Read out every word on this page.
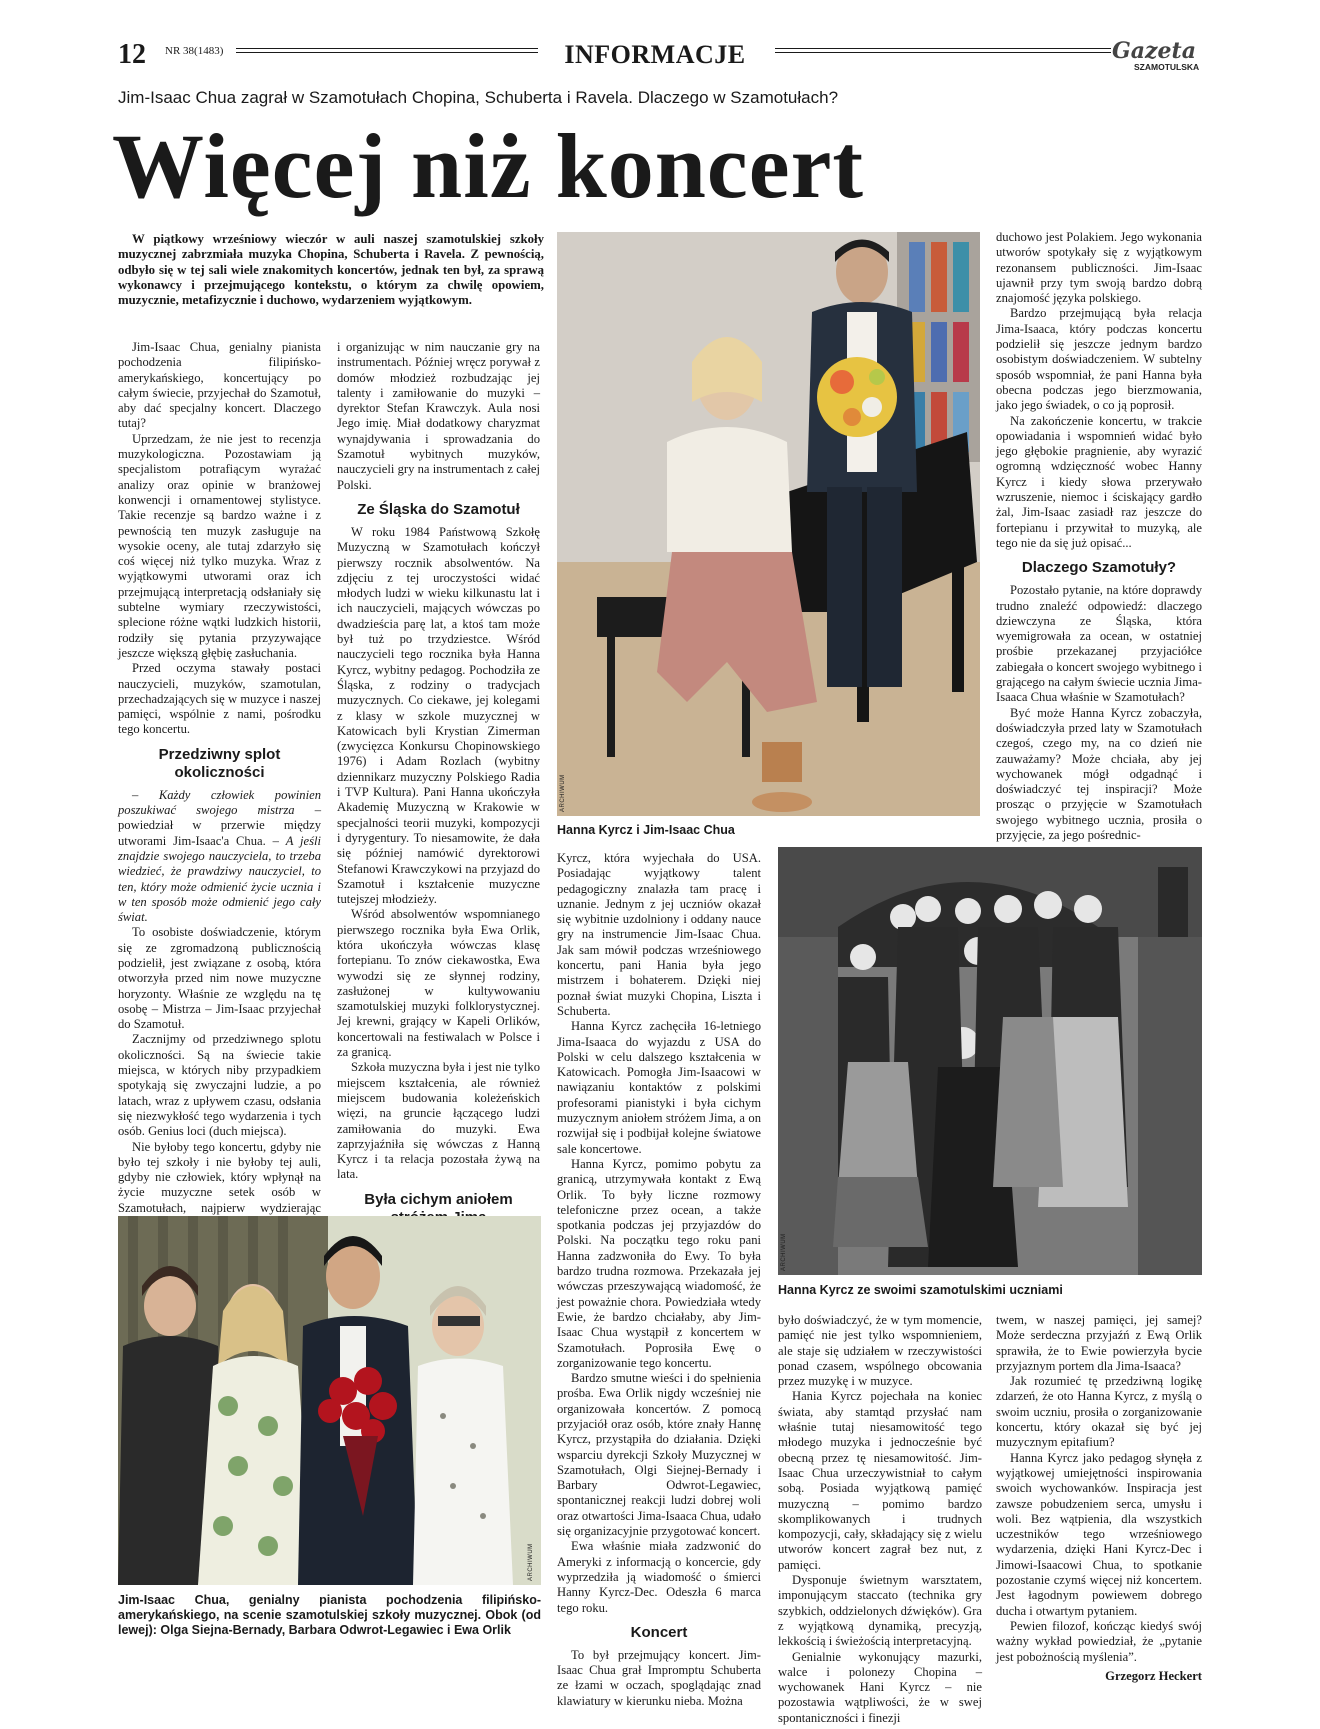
12 NR 38(1483)	INFORMACJE	Gazeta
SZAMOTULSKA
Jim-Isaac Chua zagrał w Szamotułach Chopina, Schuberta i Ravela. Dlaczego w Szamotułach?
Więcej niż koncert
W piątkowy wrześniowy wieczór w auli naszej szamotulskiej szkoły muzycznej zabrzmiała muzyka Chopina, Schuberta i Ravela. Z pewnością, odbyło się w tej sali wiele znakomitych koncertów, jednak ten był, za sprawą wykonawcy i przejmującego kontekstu, o którym za chwilę opowiem, muzycznie, metafizycznie i duchowo, wydarzeniem wyjątkowym.

Jim-Isaac Chua, genialny pianista pochodzenia filipińsko-amerykańskiego, koncertujący po całym świecie, przyjechał do Szamotuł, aby dać specjalny koncert. Dlaczego tutaj?

Uprzedzam, że nie jest to recenzja muzykologiczna. Pozostawiam ją specjalistom potrafiącym wyrażać analizy oraz opinie w branżowej konwencji i ornamentowej stylistyce. Takie recenzje są bardzo ważne i z pewnością ten muzyk zasługuje na wysokie oceny, ale tutaj zdarzyło się coś więcej niż tylko muzyka. Wraz z wyjątkowymi utworami oraz ich przejmującą interpretacją odsłaniały się subtelne wymiary rzeczywistości, splecione różne wątki ludzkich historii, rodziły się pytania przyzywające jeszcze większą głębię zasłuchania.

Przed oczyma stawały postaci nauczycieli, muzyków, szamotulan, przechadzających się w muzyce i naszej pamięci, wspólnie z nami, pośrodku tego koncertu.

Przedziwny splot okoliczności

– Każdy człowiek powinien poszukiwać swojego mistrza – powiedział w przerwie między utworami Jim-Isaac'a Chua. – A jeśli znajdzie swojego nauczyciela, to trzeba wiedzieć, że prawdziwy nauczyciel, to ten, który może odmienić życie ucznia i w ten sposób może odmienić jego cały świat.

To osobiste doświadczenie, którym się ze zgromadzoną publicznością podzielił, jest związane z osobą, która otworzyła przed nim nowe muzyczne horyzonty. Właśnie ze względu na tę osobę – Mistrza – Jim-Isaac przyjechał do Szamotuł.

Zacznijmy od przedziwnego splotu okoliczności. Są na świecie takie miejsca, w których niby przypadkiem spotykają się zwyczajni ludzie, a po latach, wraz z upływem czasu, odsłania się niezwykłość tego wydarzenia i tych osób. Genius loci (duch miejsca).

Nie byłoby tego koncertu, gdyby nie było tej szkoły i nie byłoby tej auli, gdyby nie człowiek, który wpłynął na życie muzyczne setek osób w Szamotułach, najpierw wydzierając

i organizując w nim nauczanie gry na instrumentach. Później wręcz porywał z domów młodzież rozbudzając jej talenty i zamiłowanie do muzyki – dyrektor Stefan Krawczyk. Aula nosi Jego imię. Miał dodatkowy charyzmat wynajdywania i sprowadzania do Szamotuł wybitnych muzyków, nauczycieli gry na instrumentach z całej Polski.

Ze Śląska do Szamotuł

W roku 1984 Państwową Szkołę Muzyczną w Szamotułach kończył pierwszy rocznik absolwentów. Na zdjęciu z tej uroczystości widać młodych ludzi w wieku kilkunastu lat i ich nauczycieli, mających wówczas po dwadzieścia parę lat, a ktoś tam może był tuż po trzydziestce. Wśród nauczycieli tego rocznika była Hanna Kyrcz, wybitny pedagog. Pochodziła ze Śląska, z rodziny o tradycjach muzycznych. Co ciekawe, jej kolegami z klasy w szkole muzycznej w Katowicach byli Krystian Zimerman (zwycięzca Konkursu Chopinowskiego 1976) i Adam Rozlach (wybitny dziennikarz muzyczny Polskiego Radia i TVP Kultura). Pani Hanna ukończyła Akademię Muzyczną w Krakowie w specjalności teorii muzyki, kompozycji i dyrygentury. To niesamowite, że dała się później namówić dyrektorowi Stefanowi Krawczykowi na przyjazd do Szamotuł i kształcenie muzyczne tutejszej młodzieży.

Wśród absolwentów wspomnianego pierwszego rocznika była Ewa Orlik, która ukończyła wówczas klasę fortepianu. To znów ciekawostka, Ewa wywodzi się ze słynnej rodziny, zasłużonej w kultywowaniu szamotulskiej muzyki folklorystycznej. Jej krewni, grający w Kapeli Orlików, koncertowali na festiwalach w Polsce i za granicą.

Szkoła muzyczna była i jest nie tylko miejscem kształcenia, ale również miejscem budowania koleżeńskich więzi, na gruncie łączącego ludzi zamiłowania do muzyki. Ewa zaprzyjaźniła się wówczas z Hanną Kyrcz i ta relacja pozostała żywą na lata.

Była cichym aniołem

ARCHIWUM
Hanna Kyrcz i Jim-Isaac Chua

duchowo jest Polakiem. Jego wykonania utworów spotykały się z wyjątkowym rezonansem publiczności. Jim-Isaac ujawnił przy tym swoją bardzo dobrą znajomość języka polskiego.

Bardzo przejmującą była relacja Jima-Isaaca, który podczas koncertu podzielił się jeszcze jednym bardzo osobistym doświadczeniem. W subtelny sposób wspomniał, że pani Hanna była obecna podczas jego bierzmowania, jako jego świadek, o co ją poprosił.

Na zakończenie koncertu, w trakcie opowiadania i wspomnień widać było jego głębokie pragnienie, aby wyrazić ogromną wdzięczność wobec Hanny Kyrcz i kiedy słowa przerywało wzruszenie, niemoc i ściskający gardło żal, Jim-Isaac zasiadł raz jeszcze do fortepianu i przywitał to muzyką, ale tego nie da się już opisać...

Dlaczego Szamotuły?

Pozostało pytanie, na które doprawdy trudno znaleźć odpowiedź: dlaczego dziewczyna ze Śląska, która wyemigrowała za ocean, w ostatniej prośbie przekazanej przyjaciółce zabiegała o koncert swojego wybitnego i grającego na całym świecie ucznia Jima-Isaaca Chua właśnie w Szamotułach?

Być może Hanna Kyrcz zobaczyła, doświadczyła przed laty w Szamotułach czegoś, czego my, na co dzień nie zauważamy? Może chciała, aby jej wychowanek mógł odgadnąć i doświadczyć tej inspiracji? Może prosząc o przyjęcie w Szamotułach swojego wybitnego ucznia, prosiła o przyjęcie, za jego pośrednic-

Kyrcz, która wyjechała do USA. Posiadając wyjątkowy talent pedagogiczny znalazła tam pracę i uznanie. Jednym z jej uczniów okazał się wybitnie uzdolniony i oddany nauce gry na instrumencie Jim-Isaac Chua. Jak sam mówił podczas wrześniowego koncertu, pani Hania była jego mistrzem i bohaterem. Dzięki niej poznał świat muzyki Chopina, Liszta i Schuberta.

Hanna Kyrcz zachęciła 16-letniego Jima-Isaaca do wyjazdu z USA do Polski w celu dalszego kształcenia w Katowicach. Pomogła Jim-Isaacowi w nawiązaniu kontaktów z polskimi profesorami pianistyki i była cichym muzycznym aniołem stróżem Jima, a on rozwijał się i podbijał kolejne światowe sale koncertowe.

Hanna Kyrcz, pomimo pobytu za granicą, utrzymywała kontakt z Ewą Orlik. To były liczne rozmowy telefoniczne przez ocean, a także spotkania podczas jej przyjazdów do Polski. Na początku tego roku pani Hanna zadzwoniła do Ewy. To była bardzo trudna rozmowa. Przekazała jej wówczas przeszywającą wiadomość, że jest poważnie chora. Powiedziała wtedy Ewie, że bardzo chciałaby, aby Jim-Isaac Chua wystąpił z koncertem w Szamotułach. Poprosiła Ewę o zorganizowanie tego koncertu.

Bardzo smutne wieści i do spełnienia prośba. Ewa Orlik nigdy wcześniej nie organizowała koncertów. Z pomocą przyjaciół oraz osób, które znały Hannę Kyrcz, przystąpiła do działania. Dzięki wsparciu dyrekcji Szkoły Muzycznej w Szamotułach, Olgi Siejnej-Bernady i Barbary Odwrot-Legawiec, spontanicznej reakcji ludzi dobrej woli oraz otwartości Jima-Isaaca Chua, udało się organizacyjnie przygotować koncert.

Ewa właśnie miała zadzwonić do Ameryki z informacją o koncercie, gdy wyprzedziła ją wiadomość o śmierci Hanny Kyrcz-Dec. Odeszła 6 marca tego roku.

Koncert

To był przejmujący koncert. Jim-Isaac Chua grał Impromptu Schuberta ze łzami w oczach, spoglądając znad klawiatury w kierunku nieba. Można

ARCHIWUM
Hanna Kyrcz ze swoimi szamotulskimi uczniami

było doświadczyć, że w tym momencie, pamięć nie jest tylko wspomnieniem, ale staje się udziałem w rzeczywistości ponad czasem, wspólnego obcowania przez muzykę i w muzyce.

Hania Kyrcz pojechała na koniec świata, aby stamtąd przysłać nam właśnie tutaj niesamowitość tego młodego muzyka i jednocześnie być obecną przez tę niesamowitość. Jim-Isaac Chua urzeczywistniał to całym sobą. Posiada wyjątkową pamięć muzyczną – pomimo bardzo skomplikowanych i trudnych kompozycji, cały, składający się z wielu utworów koncert zagrał bez nut, z pamięci.

Dysponuje świetnym warsztatem, imponującym staccato (technika gry szybkich, oddzielonych dźwięków). Gra z wyjątkową dynamiką, precyzją, lekkością i świeżością interpretacyjną.

Genialnie wykonujący mazurki, walce i polonezy Chopina – wychowanek Hani Kyrcz – nie pozostawia wątpliwości, że w swej spontaniczności i finezji

twem, w naszej pamięci, jej samej? Może serdeczna przyjaźń z Ewą Orlik sprawiła, że to Ewie powierzyła bycie przyjaznym portem dla Jima-Isaaca?

Jak rozumieć tę przedziwną logikę zdarzeń, że oto Hanna Kyrcz, z myślą o swoim uczniu, prosiła o zorganizowanie koncertu, który okazał się być jej muzycznym epitafium?

Hanna Kyrcz jako pedagog słynęła z wyjątkowej umiejętności inspirowania swoich wychowanków. Inspiracja jest zawsze pobudzeniem serca, umysłu i woli. Bez wątpienia, dla wszystkich uczestników tego wrześniowego wydarzenia, dzięki Hani Kyrcz-Dec i Jimowi-Isaacowi Chua, to spotkanie pozostanie czymś więcej niż koncertem. Jest łagodnym powiewem dobrego ducha i otwartym pytaniem.

Pewien filozof, kończąc kiedyś swój ważny wykład powiedział, że „pytanie jest pobożnością myślenia”.

Grzegorz Heckert
ARCHIWUM
Jim-Isaac Chua, genialny pianista pochodzenia filipińsko-amerykańskiego, na scenie szamotulskiej szkoły muzycznej. Obok (od lewej): Olga Siejna-Bernady, Barbara Odwrot-Legawiec i Ewa Orlik
